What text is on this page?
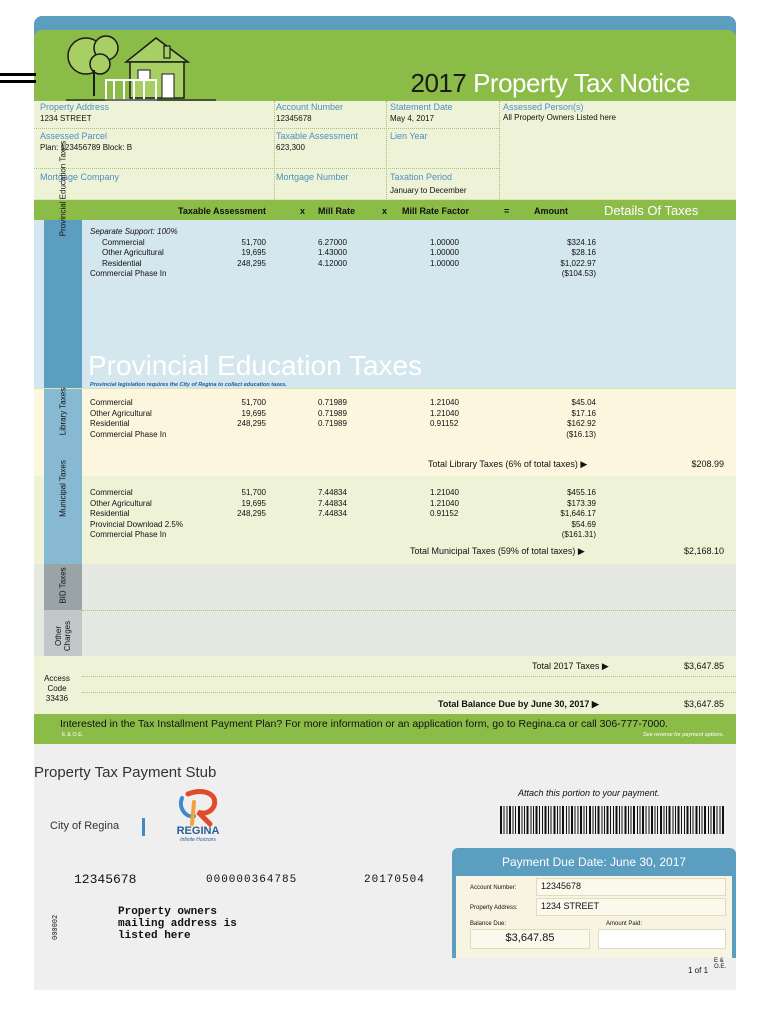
2017 Property Tax Notice
Property Address
1234 STREET
Account Number
12345678
Statement Date
May 4, 2017
Assessed Person(s)
All Property Owners Listed here
Assessed Parcel
Plan: 123456789 Block: B
Taxable Assessment
623,300
Lien Year
Mortgage Company	Mortgage Number	Taxation Period
January to December
Taxable Assessment	x Mill Rate	x Mill Rate Factor	=	Amount	Details Of Taxes
Provincial Education Taxes	Separate Support: 100%
Commercial	51,700	6.27000	1.00000	$324.16
Other Agricultural	19,695	1.43000	1.00000	$28.16
Residential	248,295	4.12000	1.00000	$1,022.97
Commercial Phase In	($104.53)
Provincial Education Taxes
Provincial legislation requires the City of Regina to collect education taxes.
Library Taxes	Commercial	51,700	0.71989	1.21040	$45.04
Other Agricultural	19,695	0.71989	1.21040	$17.16
Residential	248,295	0.71989	0.91152	$162.92
Commercial Phase In	($16.13)
Total Library Taxes (6% of total taxes) ▶	$208.99
Municipal Taxes	Commercial	51,700	7.44834	1.21040	$455.16
Other Agricultural	19,695	7.44834	1.21040	$173.39
Residential	248,295	7.44834	0.91152	$1,646.17
Provincial Download 2.5%	$54.69
Commercial Phase In	($161.31)
Total Municipal Taxes (59% of total taxes) ▶	$2,168.10
BID Taxes
Other Charges
Total 2017 Taxes ▶	$3,647.85
Access Code
33436
Total Balance Due by June 30, 2017 ▶	$3,647.85
Interested in the Tax Installment Payment Plan? For more information or an application form, go to Regina.ca or call 306-777-7000.
E & O.E.	See reverse for payment options.
Property Tax Payment Stub
City of Regina	REGINA
Infinite Horizons
Attach this portion to your payment.
12345678	000000364785	20170504
Property owners
mailing address is
listed here
000002
Payment Due Date: June 30, 2017
Account Number:	12345678
Property Address:	1234 STREET
Balance Due:
$3,647.85
Amount Paid:
E & O.E.
1 of 1
